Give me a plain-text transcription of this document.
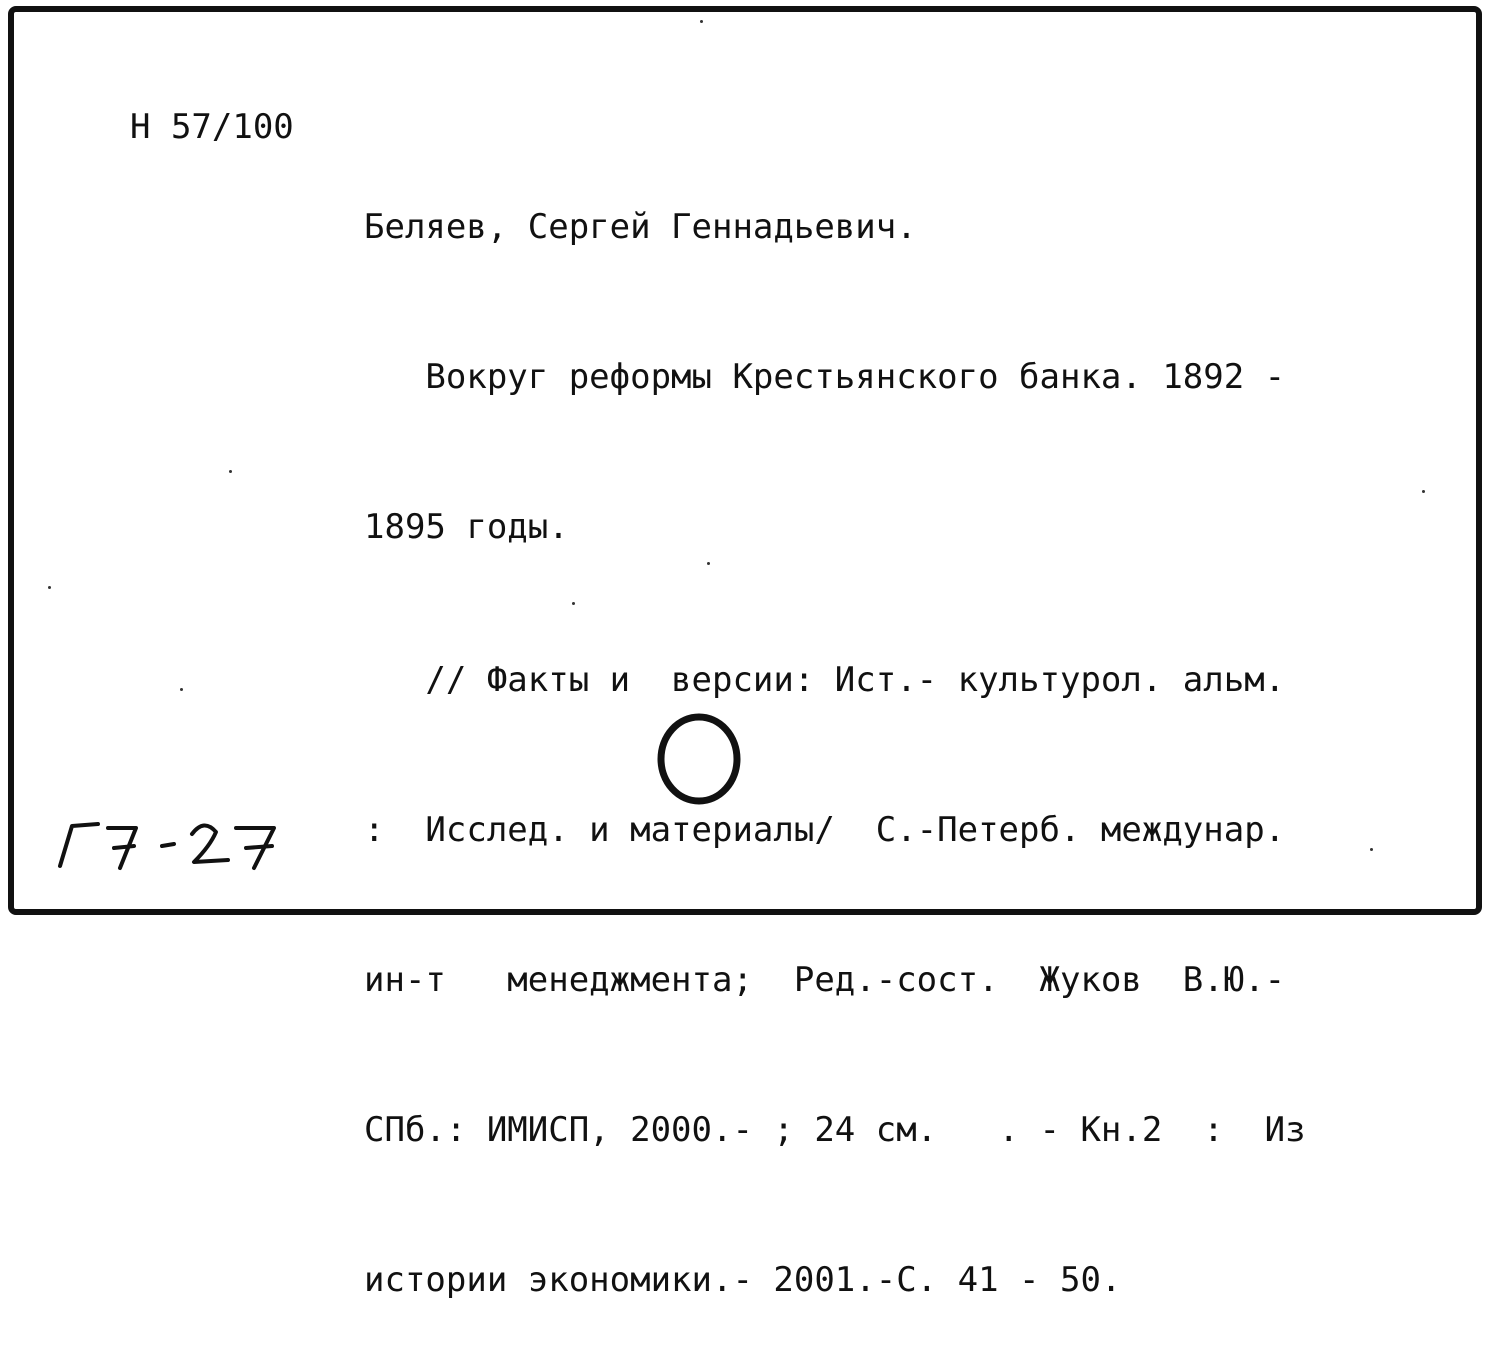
Н 57/100

Беляев, Сергей Геннадьевич.

Вокруг реформы Крестьянского банка. 1892 -

1895 годы.

// Факты и  версии: Ист.- культурол. альм.

:  Исслед. и материалы/  С.-Петерб. междунар.

ин-т   менеджмента;  Ред.-сост.  Жуков  В.Ю.-

СПб.: ИМИСП, 2000.- ; 24 см.   . - Кн.2  :  Из

истории экономики.- 2001.-С. 41 - 50.
